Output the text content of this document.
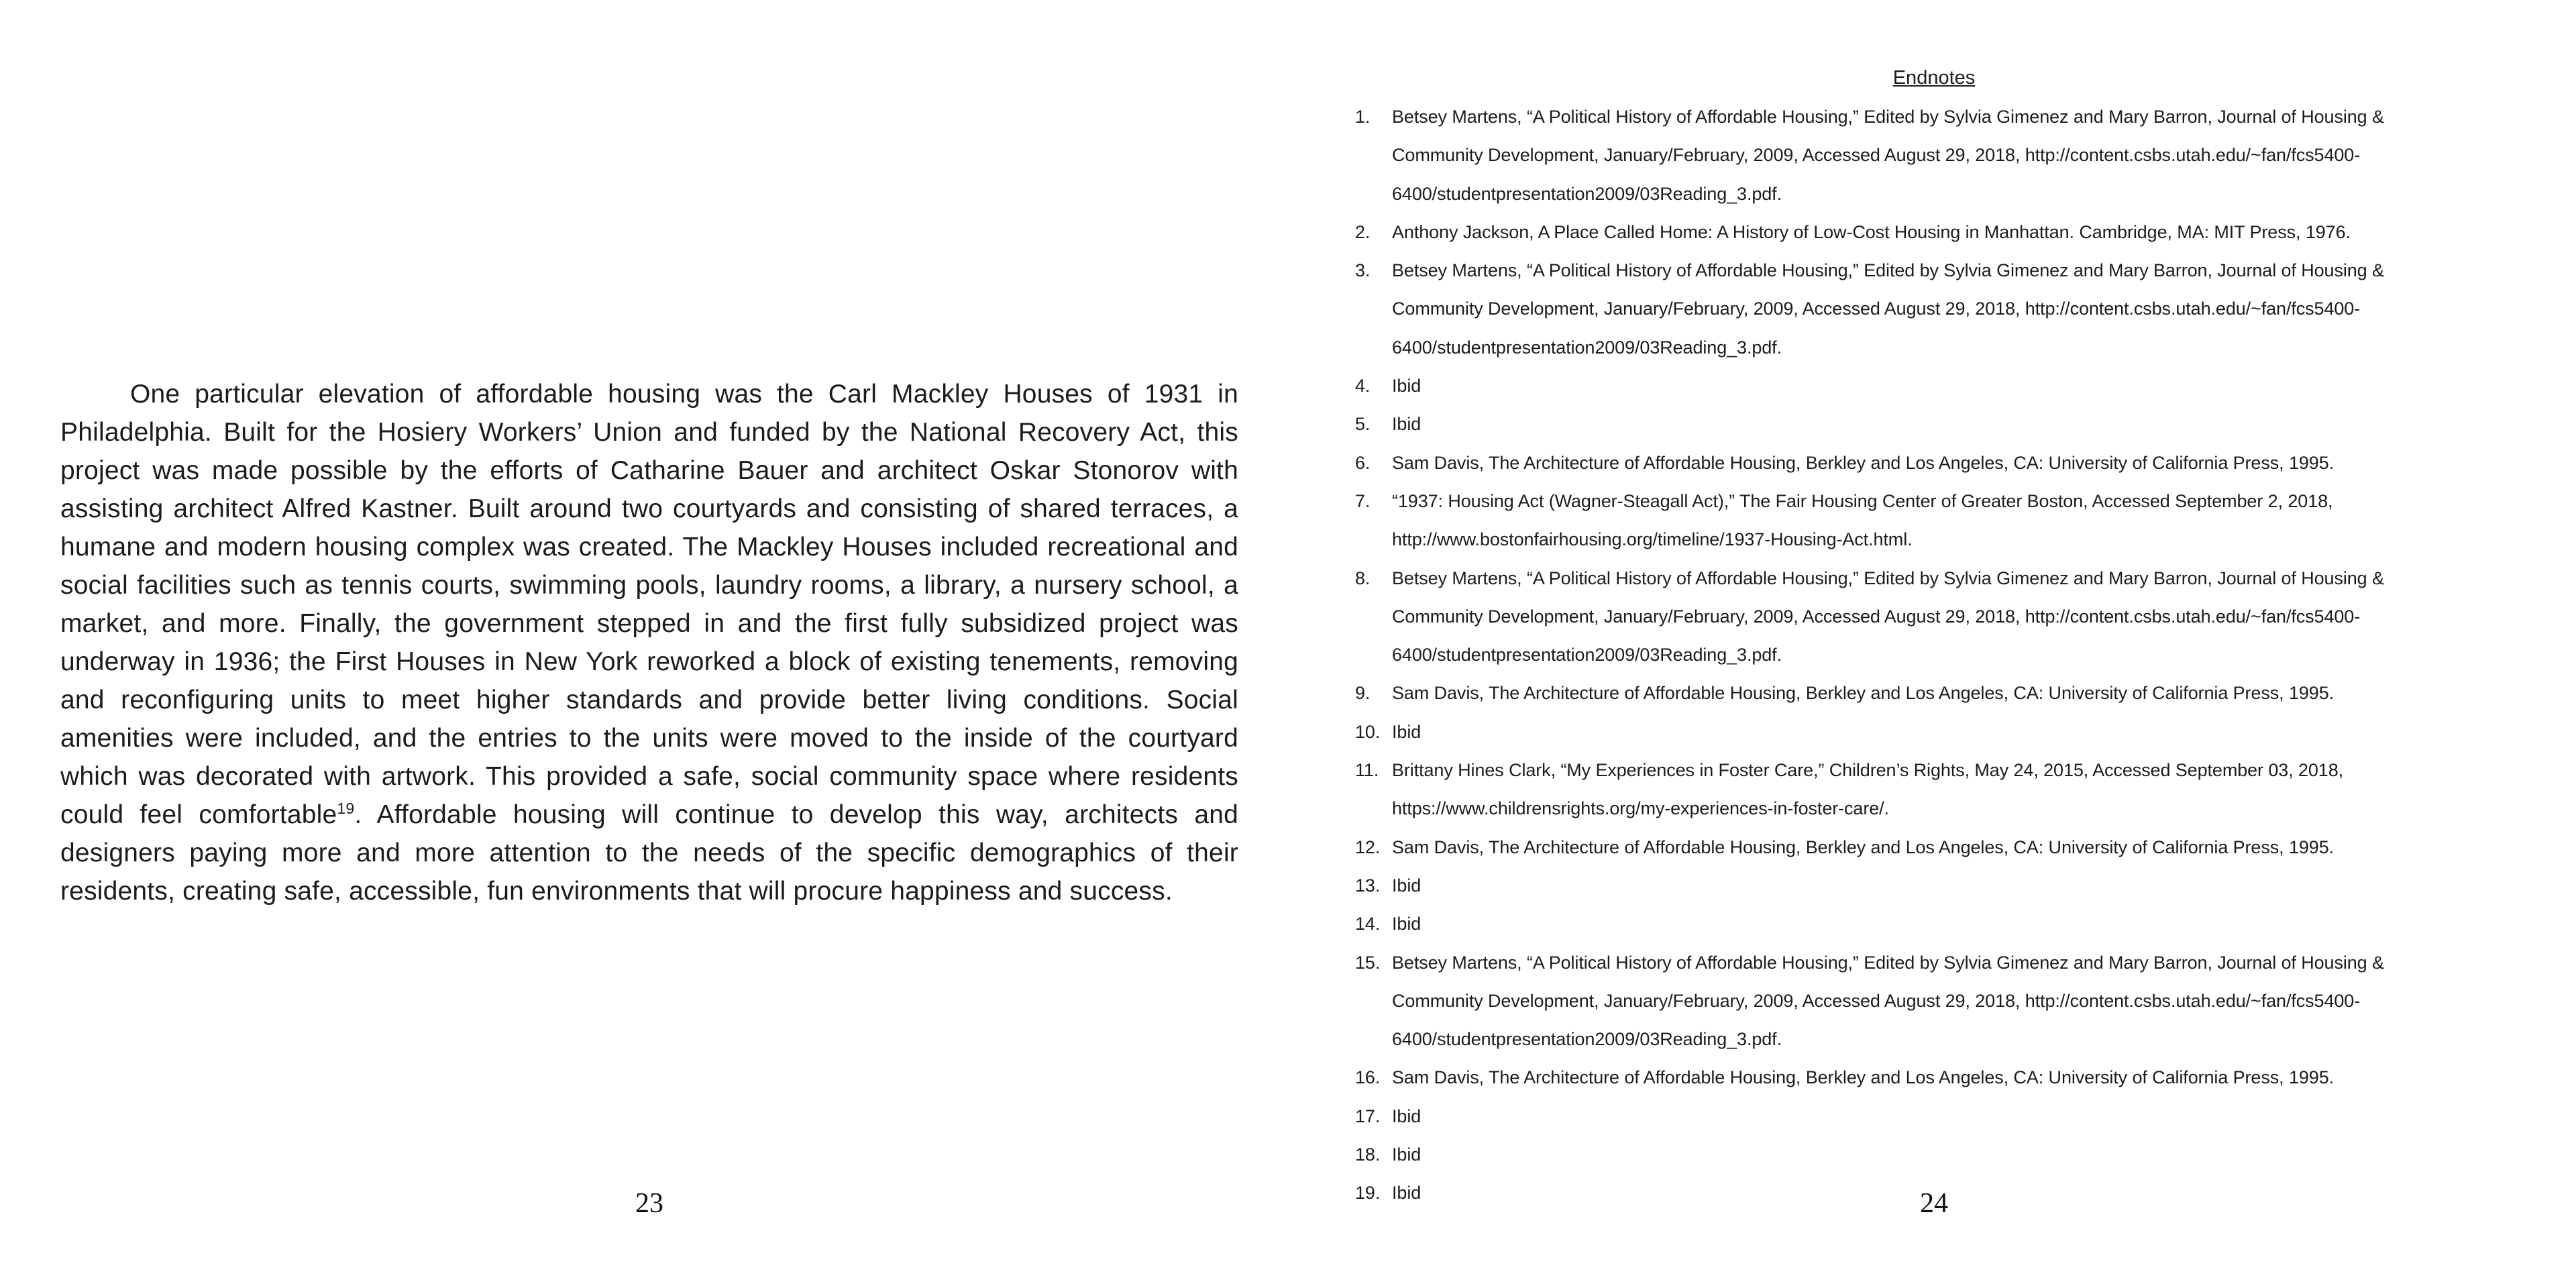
One particular elevation of affordable housing was the Carl Mackley Houses of 1931 in Philadelphia. Built for the Hosiery Workers’ Union and funded by the National Recovery Act, this project was made possible by the efforts of Catharine Bauer and architect Oskar Stonorov with assisting architect Alfred Kastner. Built around two courtyards and consisting of shared terraces, a humane and modern housing complex was created. The Mackley Houses included recreational and social facilities such as tennis courts, swimming pools, laundry rooms, a library, a nursery school, a market, and more. Finally, the government stepped in and the first fully subsidized project was underway in 1936; the First Houses in New York reworked a block of existing tenements, removing and reconfiguring units to meet higher standards and provide better living conditions. Social amenities were included, and the entries to the units were moved to the inside of the courtyard which was decorated with artwork. This provided a safe, social community space where residents could feel comfortable$^{19}$. Affordable housing will continue to develop this way, architects and designers paying more and more attention to the needs of the specific demographics of their residents, creating safe, accessible, fun environments that will procure happiness and success.

23
Endnotes
1.	Betsey Martens, “A Political History of Affordable Housing,” Edited by Sylvia Gimenez and Mary Barron, Journal of Housing & Community Development, January/February, 2009, Accessed August 29, 2018, http://content.csbs.utah.edu/~fan/fcs5400-6400/studentpresentation2009/03Reading_3.pdf.
2.	Anthony Jackson, A Place Called Home: A History of Low-Cost Housing in Manhattan. Cambridge, MA: MIT Press, 1976.
3.	Betsey Martens, “A Political History of Affordable Housing,” Edited by Sylvia Gimenez and Mary Barron, Journal of Housing & Community Development, January/February, 2009, Accessed August 29, 2018, http://content.csbs.utah.edu/~fan/fcs5400-6400/studentpresentation2009/03Reading_3.pdf.
4.	Ibid
5.	Ibid
6.	Sam Davis, The Architecture of Affordable Housing, Berkley and Los Angeles, CA: University of California Press, 1995.
7.	“1937: Housing Act (Wagner-Steagall Act),” The Fair Housing Center of Greater Boston, Accessed September 2, 2018, http://www.bostonfairhousing.org/timeline/1937-Housing-Act.html.
8.	Betsey Martens, “A Political History of Affordable Housing,” Edited by Sylvia Gimenez and Mary Barron, Journal of Housing & Community Development, January/February, 2009, Accessed August 29, 2018, http://content.csbs.utah.edu/~fan/fcs5400-6400/studentpresentation2009/03Reading_3.pdf.
9.	Sam Davis, The Architecture of Affordable Housing, Berkley and Los Angeles, CA: University of California Press, 1995.
10. Ibid
11. Brittany Hines Clark, “My Experiences in Foster Care,” Children’s Rights, May 24, 2015, Accessed September 03, 2018, https://www.childrensrights.org/my-experiences-in-foster-care/.
12. Sam Davis, The Architecture of Affordable Housing, Berkley and Los Angeles, CA: University of California Press, 1995.
13. Ibid
14. Ibid
15. Betsey Martens, “A Political History of Affordable Housing,” Edited by Sylvia Gimenez and Mary Barron, Journal of Housing & Community Development, January/February, 2009, Accessed August 29, 2018, http://content.csbs.utah.edu/~fan/fcs5400-6400/studentpresentation2009/03Reading_3.pdf.
16. Sam Davis, The Architecture of Affordable Housing, Berkley and Los Angeles, CA: University of California Press, 1995.
17. Ibid
18. Ibid
19. Ibid	24
